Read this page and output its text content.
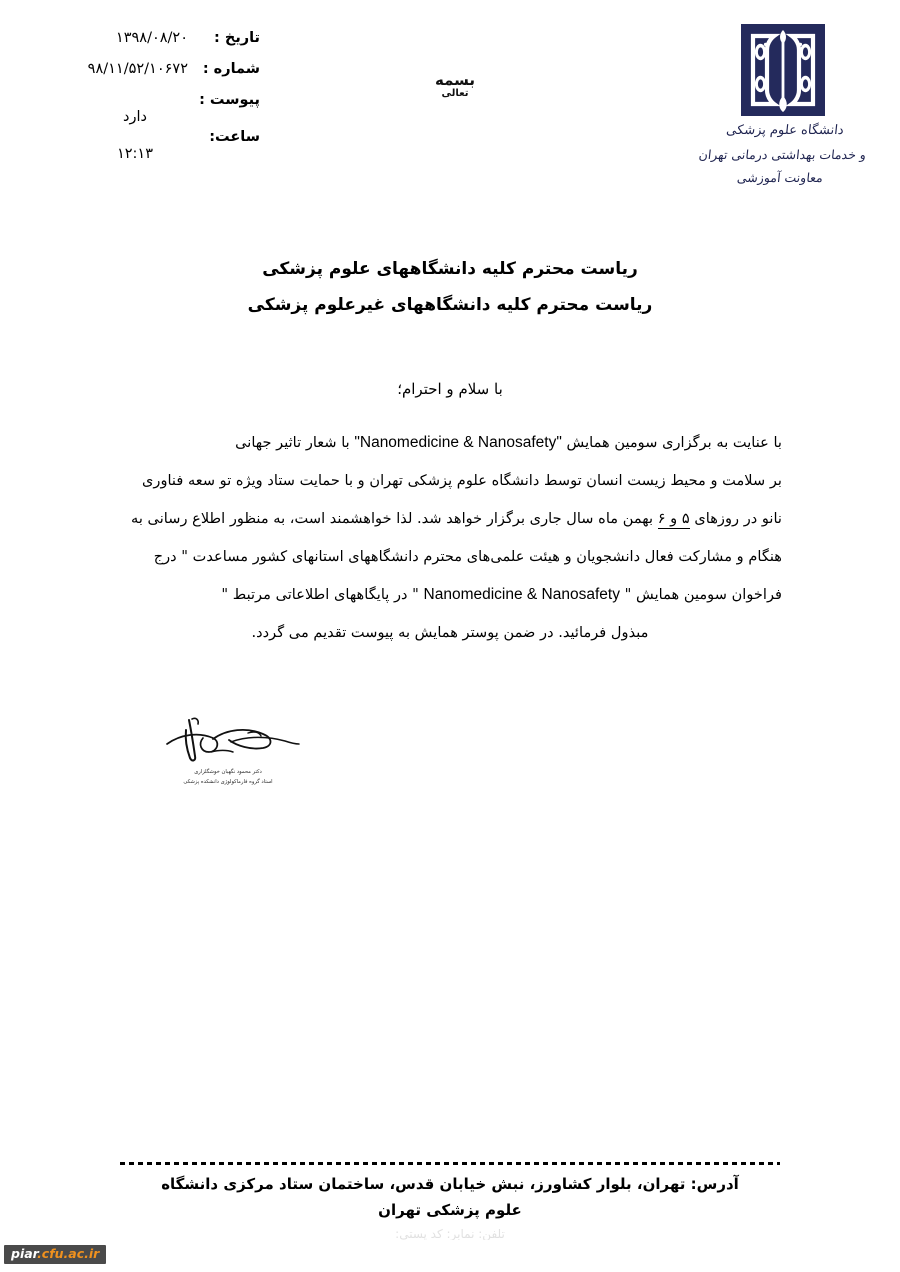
تاریخ :
۱۳۹۸/۰۸/۲۰
شماره :
۹۸/۱۱/۵۲/۱۰۶۷۲
پیوست :
دارد
ساعت:
۱۲:۱۳
بسمه
تعالی
دانشگاه علوم پزشکی
و خدمات بهداشتی درمانی تهران
معاونت آموزشی
ریاست محترم کلیه دانشگاههای علوم پزشکی
ریاست محترم کلیه دانشگاههای غیرعلوم پزشکی
با سلام و احترام؛
با عنایت به برگزاری سومین همایش "Nanomedicine & Nanosafety" با شعار تاثیر جهانی
بر سلامت و محیط زیست انسان توسط دانشگاه علوم پزشکی تهران و با حمایت ستاد ویژه تو سعه فناوری
نانو در روزهای ۵ و ۶ بهمن ماه سال جاری برگزار خواهد شد. لذا خواهشمند است، به منظور اطلاع رسانی به
هنگام و مشارکت فعال دانشجویان و هیئت علمی‌های محترم دانشگاههای استانهای کشور مساعدت " درج
فراخوان سومین همایش " Nanomedicine & Nanosafety " در پایگاههای اطلاعاتی مرتبط "
مبذول فرمائید. در ضمن پوستر همایش به پیوست تقدیم می گردد.
دکتر محمود نگهبان خوشگلزاری
استاد گروه فارماکولوژی دانشکده پزشکی
آدرس: تهران، بلوار کشاورز، نبش خیابان قدس، ساختمان ستاد مرکزی دانشگاه
علوم پزشکی تهران
تلفن: نمابر: کد پستی:
piar.cfu.ac.ir
